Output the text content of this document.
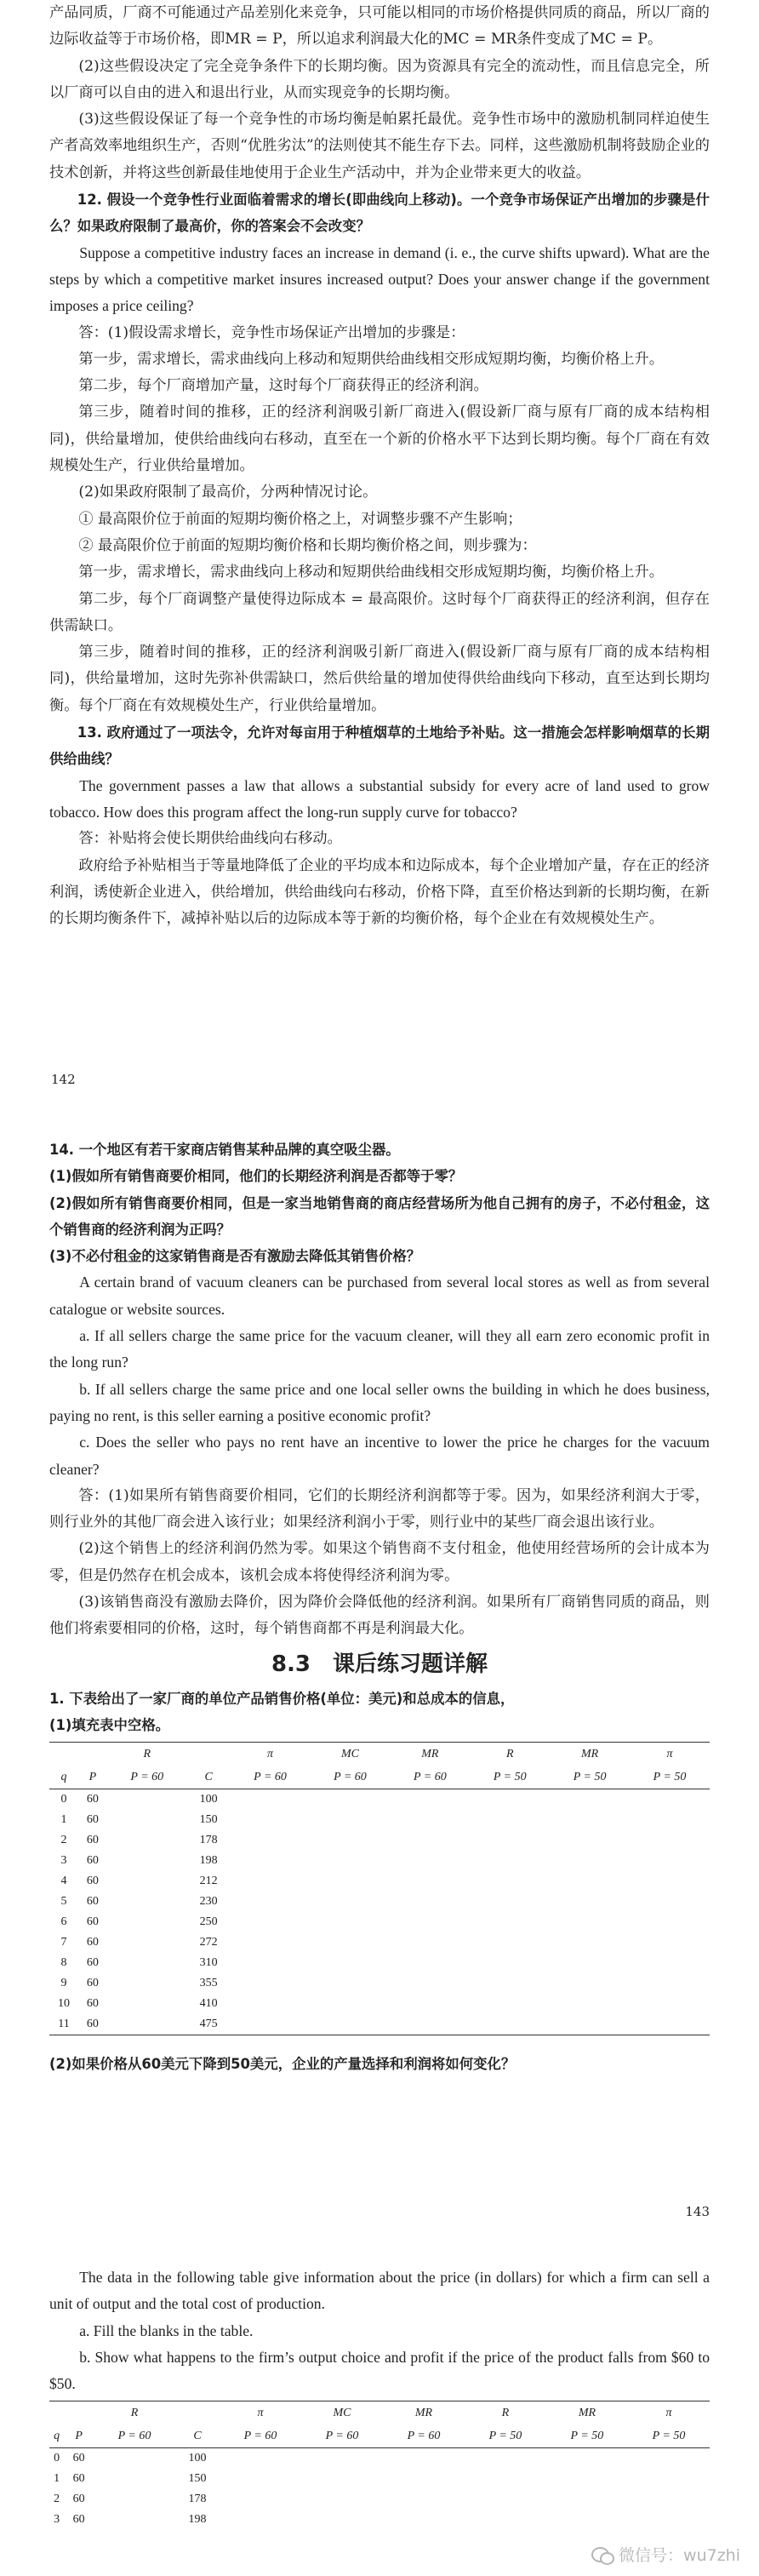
产品同质，厂商不可能通过产品差别化来竞争，只可能以相同的市场价格提供同质的商品，所以厂商的边际收益等于市场价格，即MR = P，所以追求利润最大化的MC = MR条件变成了MC = P。

(2)这些假设决定了完全竞争条件下的长期均衡。因为资源具有完全的流动性，而且信息完全，所以厂商可以自由的进入和退出行业，从而实现竞争的长期均衡。

(3)这些假设保证了每一个竞争性的市场均衡是帕累托最优。竞争性市场中的激励机制同样迫使生产者高效率地组织生产，否则“优胜劣汰”的法则使其不能生存下去。同样，这些激励机制将鼓励企业的技术创新，并将这些创新最佳地使用于企业生产活动中，并为企业带来更大的收益。

12. 假设一个竞争性行业面临着需求的增长(即曲线向上移动)。一个竞争市场保证产出增加的步骤是什么？如果政府限制了最高价，你的答案会不会改变？

Suppose a competitive industry faces an increase in demand (i. e., the curve shifts upward). What are the steps by which a competitive market insures increased output? Does your answer change if the government imposes a price ceiling?

答：(1)假设需求增长，竞争性市场保证产出增加的步骤是：

第一步，需求增长，需求曲线向上移动和短期供给曲线相交形成短期均衡，均衡价格上升。

第二步，每个厂商增加产量，这时每个厂商获得正的经济利润。

第三步，随着时间的推移，正的经济利润吸引新厂商进入(假设新厂商与原有厂商的成本结构相同)，供给量增加，使供给曲线向右移动，直至在一个新的价格水平下达到长期均衡。每个厂商在有效规模处生产，行业供给量增加。

(2)如果政府限制了最高价，分两种情况讨论。

① 最高限价位于前面的短期均衡价格之上，对调整步骤不产生影响；

② 最高限价位于前面的短期均衡价格和长期均衡价格之间，则步骤为：

第一步，需求增长，需求曲线向上移动和短期供给曲线相交形成短期均衡，均衡价格上升。

第二步，每个厂商调整产量使得边际成本 = 最高限价。这时每个厂商获得正的经济利润，但存在供需缺口。

第三步，随着时间的推移，正的经济利润吸引新厂商进入(假设新厂商与原有厂商的成本结构相同)，供给量增加，这时先弥补供需缺口，然后供给量的增加使得供给曲线向下移动，直至达到长期均衡。每个厂商在有效规模处生产，行业供给量增加。

13. 政府通过了一项法令，允许对每亩用于种植烟草的土地给予补贴。这一措施会怎样影响烟草的长期供给曲线？

The government passes a law that allows a substantial subsidy for every acre of land used to grow tobacco. How does this program affect the long-run supply curve for tobacco?

答：补贴将会使长期供给曲线向右移动。

政府给予补贴相当于等量地降低了企业的平均成本和边际成本，每个企业增加产量，存在正的经济利润，诱使新企业进入，供给增加，供给曲线向右移动，价格下降，直至价格达到新的长期均衡，在新的长期均衡条件下，减掉补贴以后的边际成本等于新的均衡价格，每个企业在有效规模处生产。

142

14. 一个地区有若干家商店销售某种品牌的真空吸尘器。

(1)假如所有销售商要价相同，他们的长期经济利润是否都等于零？

(2)假如所有销售商要价相同，但是一家当地销售商的商店经营场所为他自己拥有的房子，不必付租金，这个销售商的经济利润为正吗？

(3)不必付租金的这家销售商是否有激励去降低其销售价格？

A certain brand of vacuum cleaners can be purchased from several local stores as well as from several catalogue or website sources.

a. If all sellers charge the same price for the vacuum cleaner, will they all earn zero economic profit in the long run?

b. If all sellers charge the same price and one local seller owns the building in which he does business, paying no rent, is this seller earning a positive economic profit?

c. Does the seller who pays no rent have an incentive to lower the price he charges for the vacuum cleaner?

答：(1)如果所有销售商要价相同，它们的长期经济利润都等于零。因为，如果经济利润大于零，则行业外的其他厂商会进入该行业；如果经济利润小于零，则行业中的某些厂商会退出该行业。

(2)这个销售上的经济利润仍然为零。如果这个销售商不支付租金，他使用经营场所的会计成本为零，但是仍然存在机会成本，该机会成本将使得经济利润为零。

(3)该销售商没有激励去降价，因为降价会降低他的经济利润。如果所有厂商销售同质的商品，则他们将索要相同的价格，这时，每个销售商都不再是利润最大化。

8.3　课后练习题详解

1. 下表给出了一家厂商的单位产品销售价格(单位：美元)和总成本的信息，

(1)填充表中空格。

		R		π	MC	MR	R	MR	π
q	P	P = 60	C	P = 60	P = 60	P = 60	P = 50	P = 50	P = 50
0	60		100						
1	60		150						
2	60		178						
3	60		198						
4	60		212						
5	60		230						
6	60		250						
7	60		272						
8	60		310						
9	60		355						
10	60		410						
11	60		475						

(2)如果价格从60美元下降到50美元，企业的产量选择和利润将如何变化？

143

The data in the following table give information about the price (in dollars) for which a firm can sell a unit of output and the total cost of production.

a. Fill the blanks in the table.

b. Show what happens to the firm’s output choice and profit if the price of the product falls from $60 to $50.

		R		π	MC	MR	R	MR	π
q	P	P = 60	C	P = 60	P = 60	P = 60	P = 50	P = 50	P = 50
0	60		100						
1	60		150						
2	60		178						
3	60		198						
微信号：wu7zhi
